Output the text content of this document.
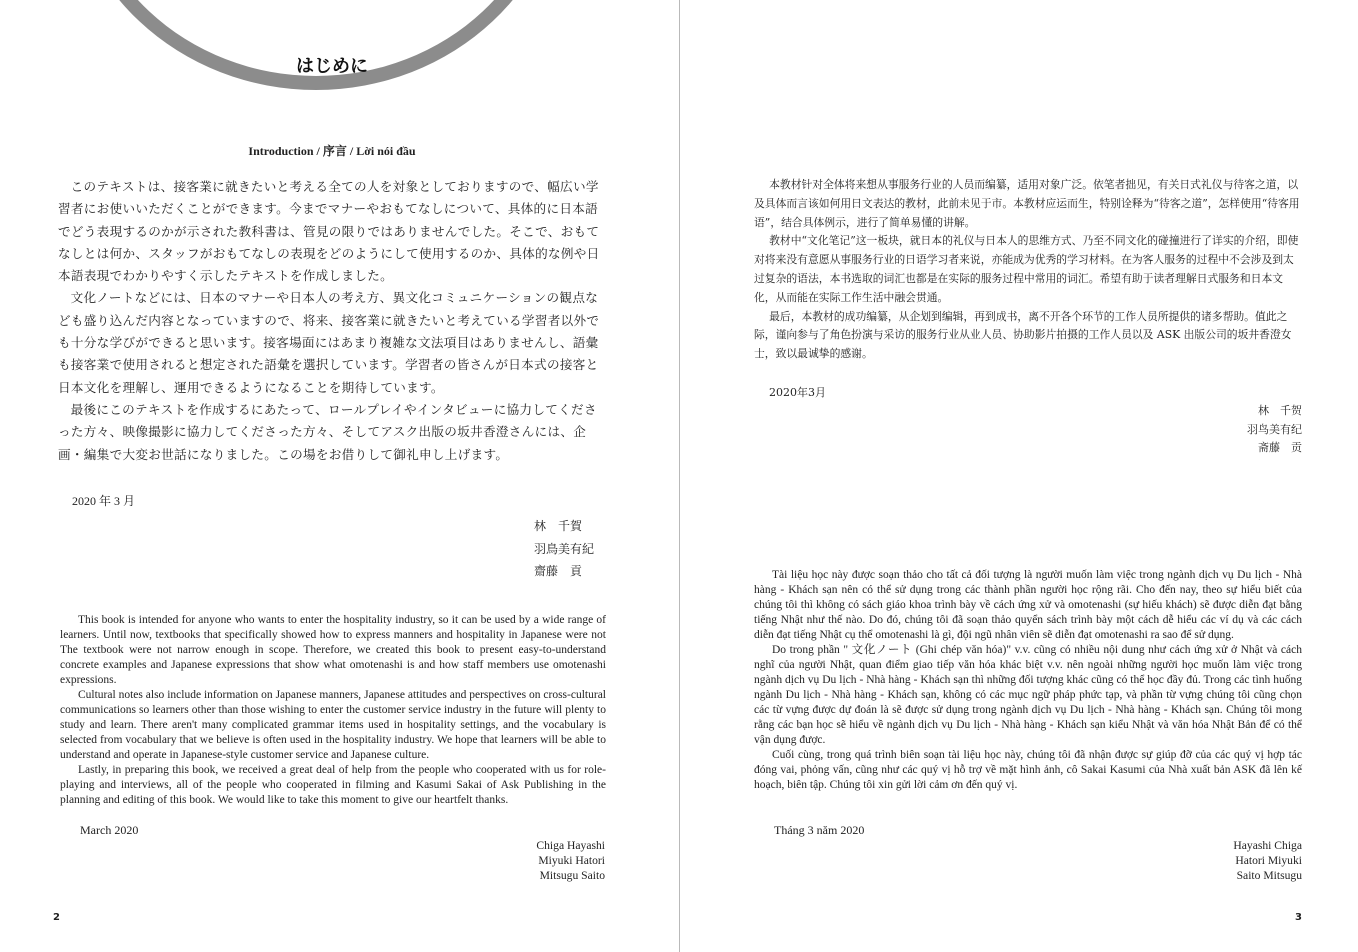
はじめに
Introduction / 序言 / Lời nói đầu

このテキストは、接客業に就きたいと考える全ての人を対象としておりますので、幅広い学習者にお使いいただくことができます。今までマナーやおもてなしについて、具体的に日本語でどう表現するのかが示された教科書は、管見の限りではありませんでした。そこで、おもてなしとは何か、スタッフがおもてなしの表現をどのようにして使用するのか、具体的な例や日本語表現でわかりやすく示したテキストを作成しました。

文化ノートなどには、日本のマナーや日本人の考え方、異文化コミュニケーションの観点なども盛り込んだ内容となっていますので、将来、接客業に就きたいと考えている学習者以外でも十分な学びができると思います。接客場面にはあまり複雑な文法項目はありませんし、語彙も接客業で使用されると想定された語彙を選択しています。学習者の皆さんが日本式の接客と日本文化を理解し、運用できるようになることを期待しています。

最後にこのテキストを作成するにあたって、ロールプレイやインタビューに協力してくださった方々、映像撮影に協力してくださった方々、そしてアスク出版の坂井香澄さんには、企画・編集で大変お世話になりました。この場をお借りして御礼申し上げます。

2020 年 3 月
林　千賀
羽鳥美有紀
齋藤　貢

This book is intended for anyone who wants to enter the hospitality industry, so it can be used by a wide range of learners. Until now, textbooks that specifically showed how to express manners and hospitality in Japanese were not The textbook were not narrow enough in scope. Therefore, we created this book to present easy-to-understand concrete examples and Japanese expressions that show what omotenashi is and how staff members use omotenashi expressions.

Cultural notes also include information on Japanese manners, Japanese attitudes and perspectives on cross-cultural communications so learners other than those wishing to enter the customer service industry in the future will plenty to study and learn. There aren't many complicated grammar items used in hospitality settings, and the vocabulary is selected from vocabulary that we believe is often used in the hospitality industry. We hope that learners will be able to understand and operate in Japanese-style customer service and Japanese culture.

Lastly, in preparing this book, we received a great deal of help from the people who cooperated with us for role-playing and interviews, all of the people who cooperated in filming and Kasumi Sakai of Ask Publishing in the planning and editing of this book. We would like to take this moment to give our heartfelt thanks.

March 2020
Chiga Hayashi
Miyuki Hatori
Mitsugu Saito
2

本教材针对全体将来想从事服务行业的人员而编纂，适用对象广泛。依笔者拙见，有关日式礼仪与待客之道，以及具体而言该如何用日文表达的教材，此前未见于市。本教材应运而生，特别诠释为“待客之道”，怎样使用“待客用语”，结合具体例示，进行了简单易懂的讲解。

教材中“文化笔记”这一板块，就日本的礼仪与日本人的思维方式、乃至不同文化的碰撞进行了详实的介绍，即使对将来没有意愿从事服务行业的日语学习者来说，亦能成为优秀的学习材料。在为客人服务的过程中不会涉及到太过复杂的语法，本书选取的词汇也都是在实际的服务过程中常用的词汇。希望有助于读者理解日式服务和日本文化，从而能在实际工作生活中融会贯通。

最后，本教材的成功编纂，从企划到编辑，再到成书，离不开各个环节的工作人员所提供的诸多帮助。值此之际，谨向参与了角色扮演与采访的服务行业从业人员、协助影片拍摄的工作人员以及 ASK 出版公司的坂井香澄女士，致以最诚挚的感谢。

2020年3月
林　千贺
羽鸟美有纪
斋藤　贡

Tài liệu học này được soạn thảo cho tất cả đối tượng là người muốn làm việc trong ngành dịch vụ Du lịch - Nhà hàng - Khách sạn nên có thể sử dụng trong các thành phần người học rộng rãi. Cho đến nay, theo sự hiểu biết của chúng tôi thì không có sách giáo khoa trình bày về cách ứng xử và omotenashi (sự hiếu khách) sẽ được diễn đạt bằng tiếng Nhật như thế nào. Do đó, chúng tôi đã soạn thảo quyển sách trình bày một cách dễ hiểu các ví dụ và các cách diễn đạt tiếng Nhật cụ thể omotenashi là gì, đội ngũ nhân viên sẽ diễn đạt omotenashi ra sao để sử dụng.

Do trong phần " 文化ノート (Ghi chép văn hóa)" v.v. cũng có nhiều nội dung như cách ứng xử ở Nhật và cách nghĩ của người Nhật, quan điểm giao tiếp văn hóa khác biệt v.v. nên ngoài những người học muốn làm việc trong ngành dịch vụ Du lịch - Nhà hàng - Khách sạn thì những đối tượng khác cũng có thể học đầy đủ. Trong các tình huống ngành Du lịch - Nhà hàng - Khách sạn, không có các mục ngữ pháp phức tạp, và phần từ vựng chúng tôi cũng chọn các từ vựng được dự đoán là sẽ được sử dụng trong ngành dịch vụ Du lịch - Nhà hàng - Khách sạn. Chúng tôi mong rằng các bạn học sẽ hiểu về ngành dịch vụ Du lịch - Nhà hàng - Khách sạn kiểu Nhật và văn hóa Nhật Bản để có thể vận dụng được.

Cuối cùng, trong quá trình biên soạn tài liệu học này, chúng tôi đã nhận được sự giúp đỡ của các quý vị hợp tác đóng vai, phỏng vấn, cũng như các quý vị hỗ trợ về mặt hình ảnh, cô Sakai Kasumi của Nhà xuất bản ASK đã lên kế hoạch, biên tập. Chúng tôi xin gửi lời cảm ơn đến quý vị.

Tháng 3 năm 2020
Hayashi Chiga
Hatori Miyuki
Saito Mitsugu
3
